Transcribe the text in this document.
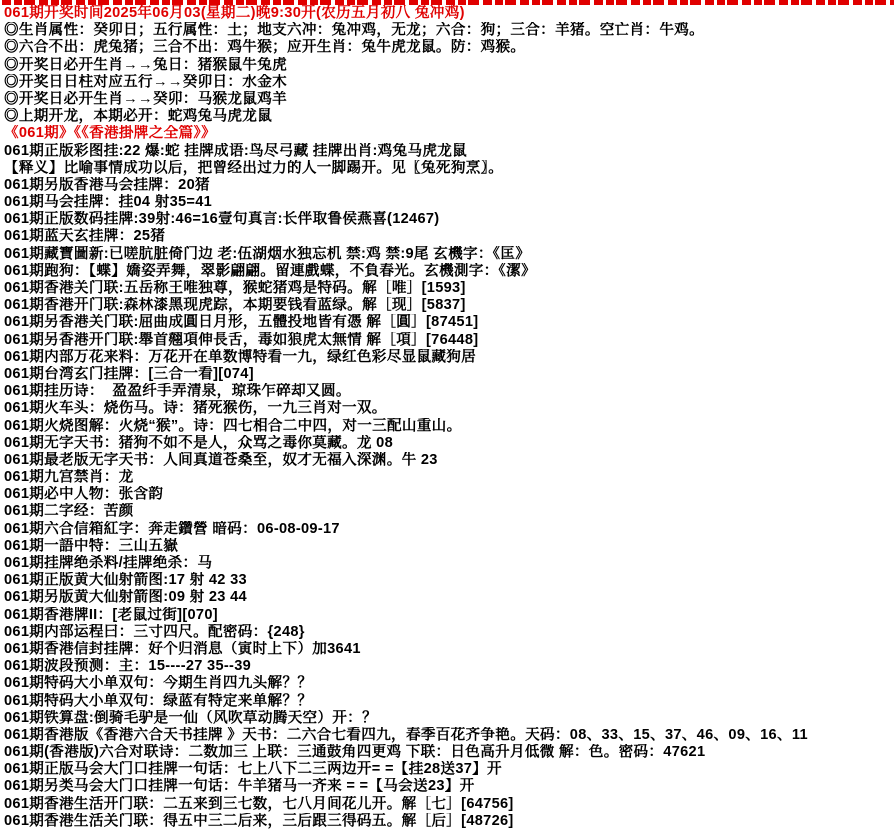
061期开奖时间2025年06月03(星期二)晚9:30开(农历五月初八 兔冲鸡)
◎生肖属性：癸卯日；五行属性：土；地支六冲：兔冲鸡，无龙；六合：狗；三合：羊猪。空亡肖：牛鸡。
◎六合不出：虎兔猪；三合不出：鸡牛猴；应开生肖：兔牛虎龙鼠。防：鸡猴。
◎开奖日必开生肖→→兔日：猪猴鼠牛兔虎
◎开奖日日柱对应五行→→癸卯日：水金木
◎开奖日必开生肖→→癸卯：马猴龙鼠鸡羊
◎上期开龙，本期必开：蛇鸡兔马虎龙鼠
《061期》《《香港掛牌之全篇》》
061期正版彩图挂:22 爆:蛇 挂牌成语:鸟尽弓藏 挂牌出肖:鸡兔马虎龙鼠
【释义】比喻事情成功以后，把曾经出过力的人一脚踢开。见〖兔死狗烹〗。
061期另版香港马会挂牌：20猪
061期马会挂牌：挂04 射35=41
061期正版数码挂牌:39射:46=16壹句真言:长伴取鲁侯燕喜(12467)
061期蓝天玄挂牌：25猪
061期藏寶圖新:已嗟肮脏倚门边 老:伍湖烟水独忘机 禁:鸡 禁:9尾 玄機字：《匡》
061期跑狗：【蝶】嬌姿弄舞，翠影翩翩。留連戲蝶，不負春光。玄機測字：《潔》
061期香港关门联:五岳称王唯独尊，猴蛇猪鸡是特码。解［唯］[1593]
061期香港开门联:森林漆黑现虎踪，本期要钱看蓝绿。解［现］[5837]
061期另香港关门联:屈曲成圓日月形，五體投地皆有憑 解［圓］[87451]
061期另香港开门联:舉首翹項伸長舌，毒如狼虎太無情 解［項］[76448]
061期内部万花来料：万花开在单数博特看一九，绿红色彩尽显鼠藏狗居
061期台湾玄门挂牌：[三合一看][074]
061期挂历诗：  盈盈纤手弄清泉，琼珠乍碎却又圆。
061期火车头：烧伤马。诗：猪死猴伤，一九三肖对一双。
061期火烧图解：火烧“猴”。诗：四七相合二中四，对一三配山重山。
061期无字天书：猪狗不如不是人，众骂之毒你莫藏。龙 08
061期最老版无字天书：人间真道苍桑至，奴才无福入深渊。牛 23
061期九宫禁肖：龙
061期必中人物：张含韵
061期二字经：苦颜
061期六合信箱紅字：奔走鑽營 暗码：06-08-09-17
061期一語中特：三山五嶽
061期挂牌绝杀料/挂牌绝杀：马
061期正版黄大仙射箭图:17 射 42 33
061期另版黄大仙射箭图:09 射 23 44
061期香港牌II：[老鼠过街][070]
061期内部运程曰：三寸四尺。配密码：{248}
061期香港信封挂牌：好个归消息（寅时上下）加3641
061期波段预测：主：15----27 35--39
061期特码大小单双句：今期生肖四九头解？？
061期特码大小单双句：绿蓝有特定来单解？？
061期铁算盘:倒骑毛驴是一仙（风吹草动腾天空）开：？
061期香港版《香港六合天书挂牌 》天书：二六合七看四九，春季百花齐争艳。天码：08、33、15、37、46、09、16、11
061期(香港版)六合对联诗：二数加三 上联：三通鼓角四更鸡 下联：日色高升月低微 解：色。密码：47621
061期正版马会大门口挂牌一句话：七上八下二三两边开= =【挂28送37】开
061期另类马会大门口挂牌一句话：牛羊猪马一齐来 = =【马会送23】开
061期香港生活开门联：二五来到三七数，七八月间花儿开。解［七］[64756]
061期香港生活关门联：得五中三二后来，三后跟三得码五。解［后］[48726]
